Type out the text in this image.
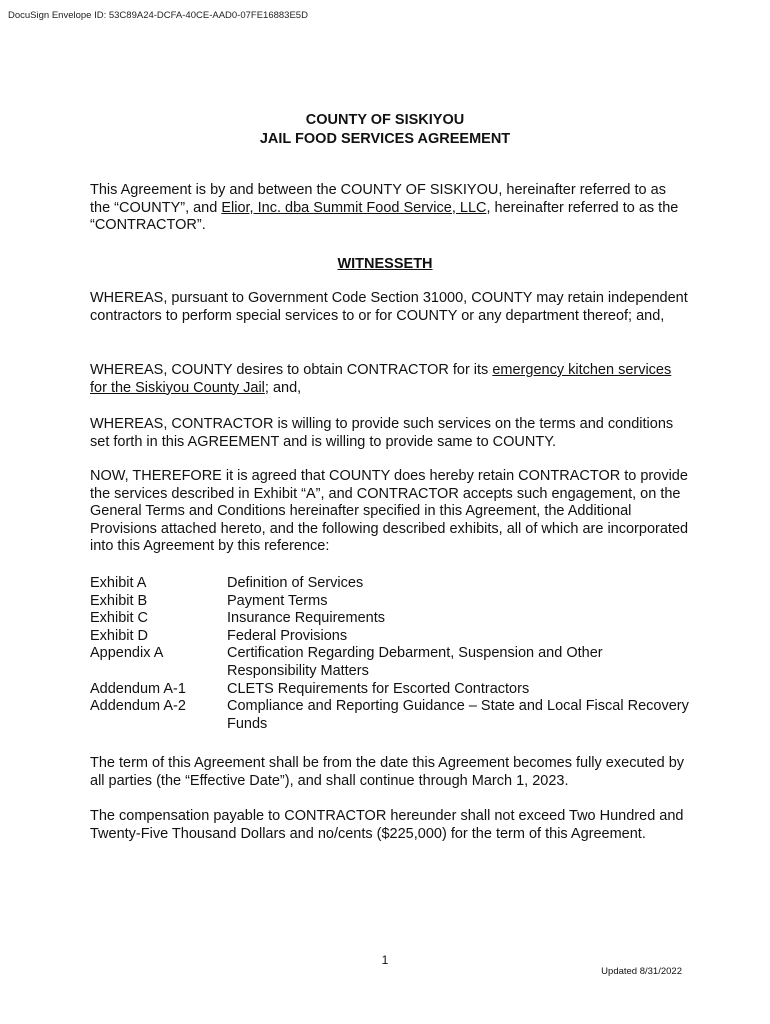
DocuSign Envelope ID: 53C89A24-DCFA-40CE-AAD0-07FE16883E5D
COUNTY OF SISKIYOU
JAIL FOOD SERVICES AGREEMENT
This Agreement is by and between the COUNTY OF SISKIYOU, hereinafter referred to as the “COUNTY”, and Elior, Inc. dba Summit Food Service, LLC, hereinafter referred to as the “CONTRACTOR”.
WITNESSETH
WHEREAS, pursuant to Government Code Section 31000, COUNTY may retain independent contractors to perform special services to or for COUNTY or any department thereof; and,
WHEREAS, COUNTY desires to obtain CONTRACTOR for its emergency kitchen services for the Siskiyou County Jail; and,
WHEREAS, CONTRACTOR is willing to provide such services on the terms and conditions set forth in this AGREEMENT and is willing to provide same to COUNTY.
NOW, THEREFORE it is agreed that COUNTY does hereby retain CONTRACTOR to provide the services described in Exhibit “A”, and CONTRACTOR accepts such engagement, on the General Terms and Conditions hereinafter specified in this Agreement, the Additional Provisions attached hereto, and the following described exhibits, all of which are incorporated into this Agreement by this reference:
Exhibit A	Definition of Services
Exhibit B	Payment Terms
Exhibit C	Insurance Requirements
Exhibit D	Federal Provisions
Appendix A	Certification Regarding Debarment, Suspension and Other Responsibility Matters
Addendum A-1	CLETS Requirements for Escorted Contractors
Addendum A-2	Compliance and Reporting Guidance – State and Local Fiscal Recovery Funds
The term of this Agreement shall be from the date this Agreement becomes fully executed by all parties (the “Effective Date”), and shall continue through March 1, 2023.
The compensation payable to CONTRACTOR hereunder shall not exceed Two Hundred and Twenty-Five Thousand Dollars and no/cents ($225,000) for the term of this Agreement.
1
Updated 8/31/2022
